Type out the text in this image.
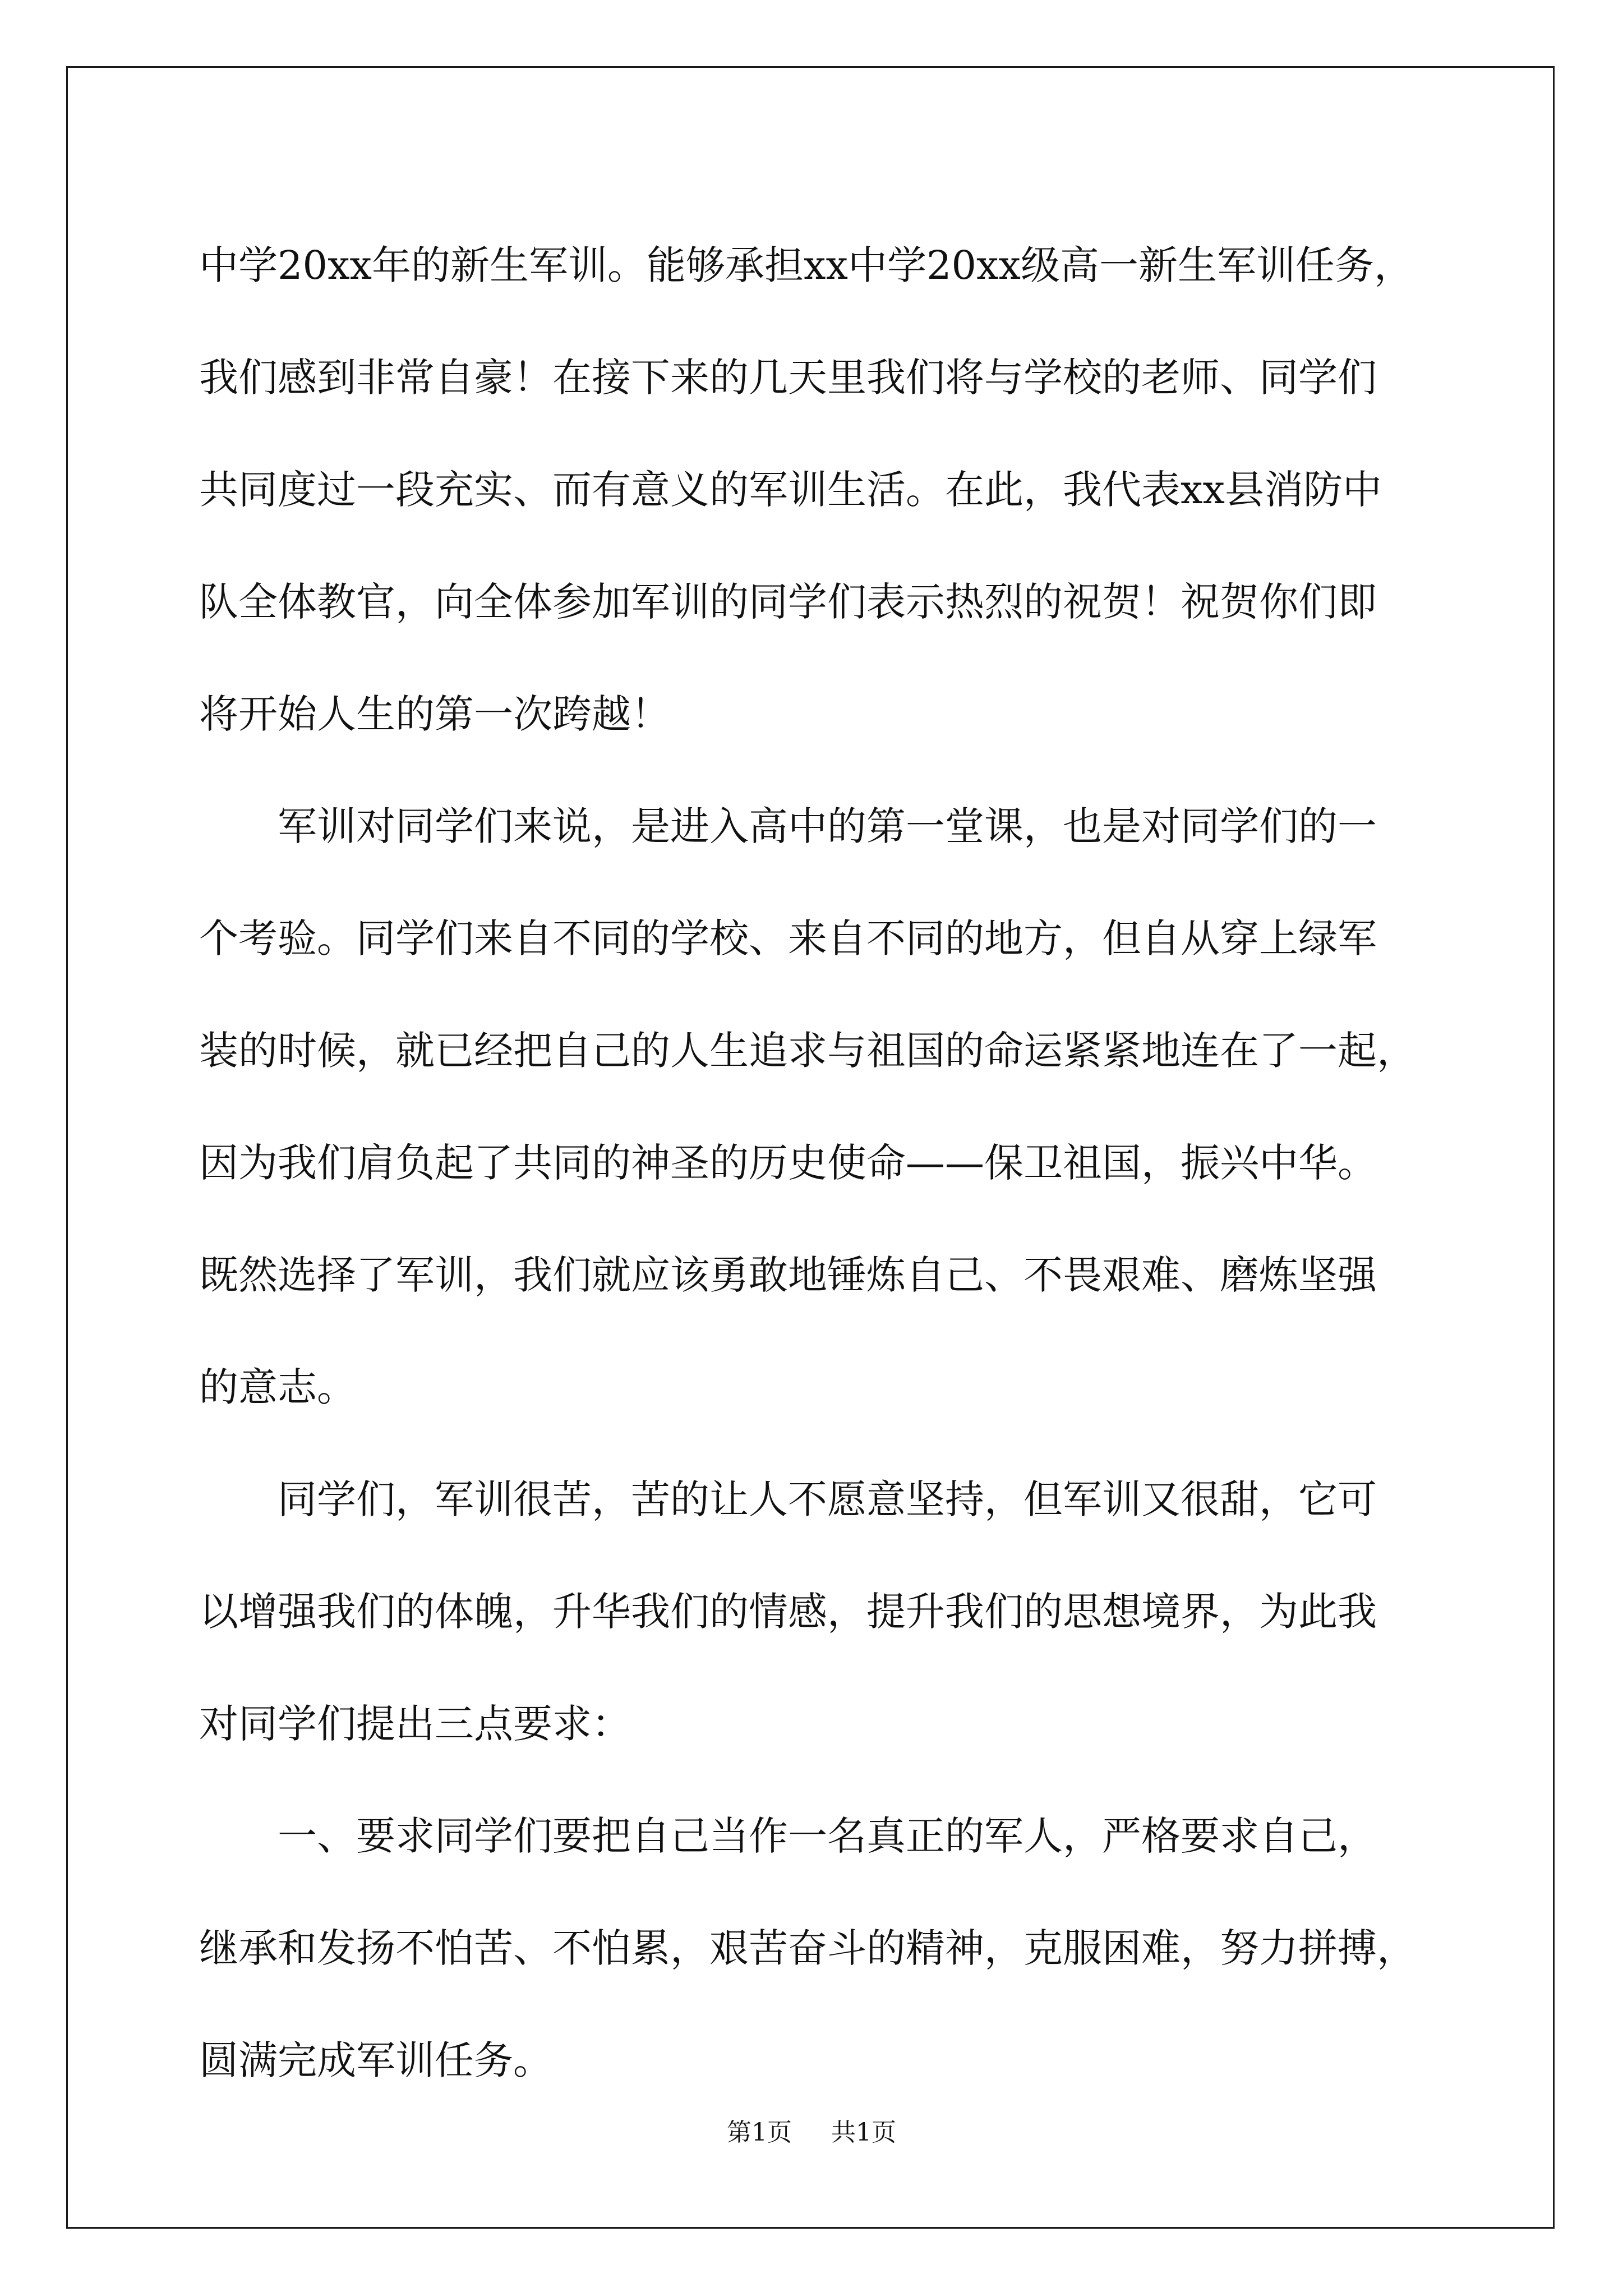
中学20xx年的新生军训。能够承担xx中学20xx级高一新生军训任务，
我们感到非常自豪！在接下来的几天里我们将与学校的老师、同学们
共同度过一段充实、而有意义的军训生活。在此，我代表xx县消防中
队全体教官，向全体参加军训的同学们表示热烈的祝贺！祝贺你们即
将开始人生的第一次跨越！
　　军训对同学们来说，是进入高中的第一堂课，也是对同学们的一
个考验。同学们来自不同的学校、来自不同的地方，但自从穿上绿军
装的时候，就已经把自己的人生追求与祖国的命运紧紧地连在了一起，
因为我们肩负起了共同的神圣的历史使命——保卫祖国，振兴中华。
既然选择了军训，我们就应该勇敢地锤炼自己、不畏艰难、磨炼坚强
的意志。
　　同学们，军训很苦，苦的让人不愿意坚持，但军训又很甜，它可
以增强我们的体魄，升华我们的情感，提升我们的思想境界，为此我
对同学们提出三点要求：
　　一、要求同学们要把自己当作一名真正的军人，严格要求自己，
继承和发扬不怕苦、不怕累，艰苦奋斗的精神，克服困难，努力拼搏，
圆满完成军训任务。
第1页 共1页
